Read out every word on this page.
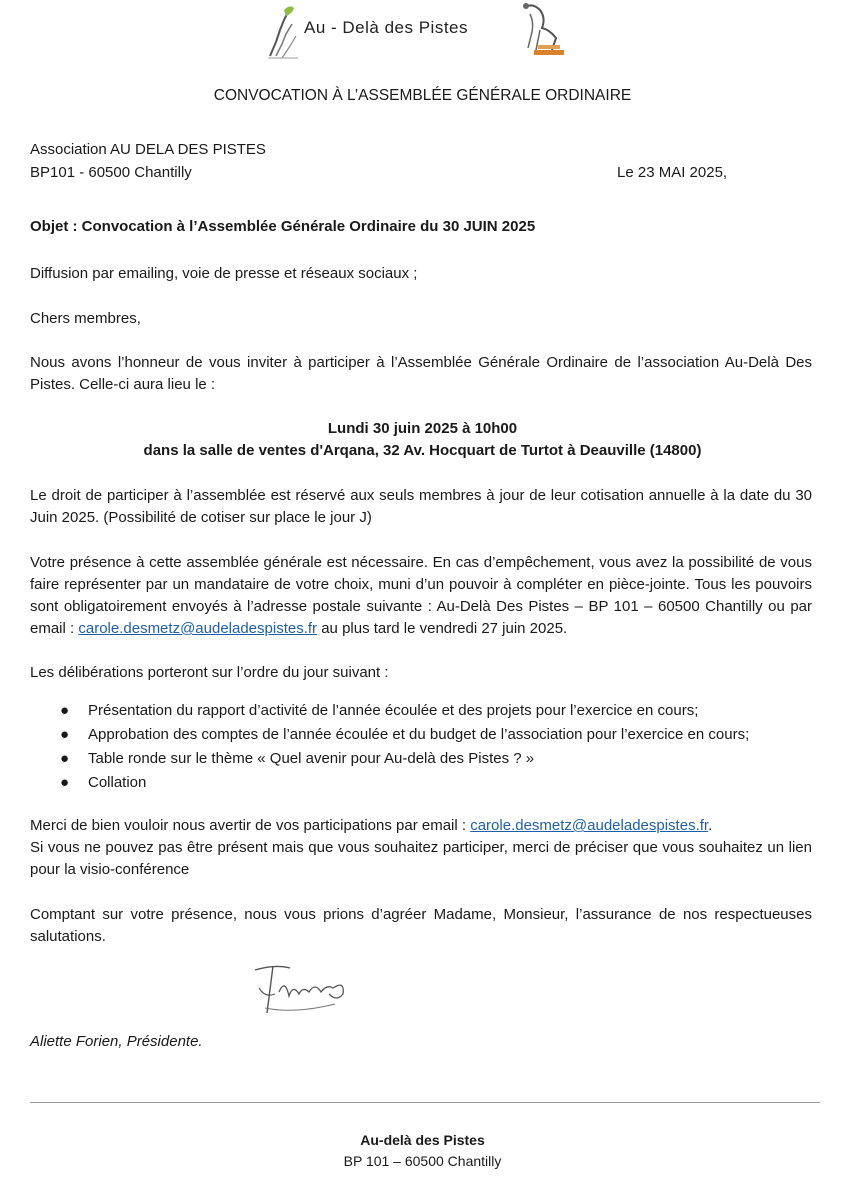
Au - Delà des Pistes
CONVOCATION À L’ASSEMBLÉE GÉNÉRALE ORDINAIRE
Association AU DELA DES PISTES
BP101 - 60500 Chantilly	Le 23 MAI 2025,
Objet : Convocation à l’Assemblée Générale Ordinaire du 30 JUIN 2025
Diffusion par emailing, voie de presse et réseaux sociaux ;
Chers membres,
Nous avons l’honneur de vous inviter à participer à l’Assemblée Générale Ordinaire de l’association Au-Delà Des Pistes. Celle-ci aura lieu le :
Lundi 30 juin 2025 à 10h00
dans la salle de ventes d'Arqana, 32 Av. Hocquart de Turtot à Deauville (14800)
Le droit de participer à l’assemblée est réservé aux seuls membres à jour de leur cotisation annuelle à la date du 30 Juin 2025. (Possibilité de cotiser sur place le jour J)
Votre présence à cette assemblée générale est nécessaire. En cas d’empêchement, vous avez la possibilité de vous faire représenter par un mandataire de votre choix, muni d’un pouvoir à compléter en pièce-jointe. Tous les pouvoirs sont obligatoirement envoyés à l’adresse postale suivante : Au-Delà Des Pistes – BP 101 – 60500 Chantilly ou par email : carole.desmetz@audeladespistes.fr au plus tard le vendredi 27 juin 2025.
Les délibérations porteront sur l’ordre du jour suivant :
● Présentation du rapport d’activité de l’année écoulée et des projets pour l’exercice en cours;
● Approbation des comptes de l’année écoulée et du budget de l’association pour l’exercice en cours;
● Table ronde sur le thème « Quel avenir pour Au-delà des Pistes ? »
● Collation
Merci de bien vouloir nous avertir de vos participations par email : carole.desmetz@audeladespistes.fr.
Si vous ne pouvez pas être présent mais que vous souhaitez participer, merci de préciser que vous souhaitez un lien pour la visio-conférence
Comptant sur votre présence, nous vous prions d’agréer Madame, Monsieur, l’assurance de nos respectueuses salutations.
Aliette Forien, Présidente.
Au-delà des Pistes
BP 101 – 60500 Chantilly
